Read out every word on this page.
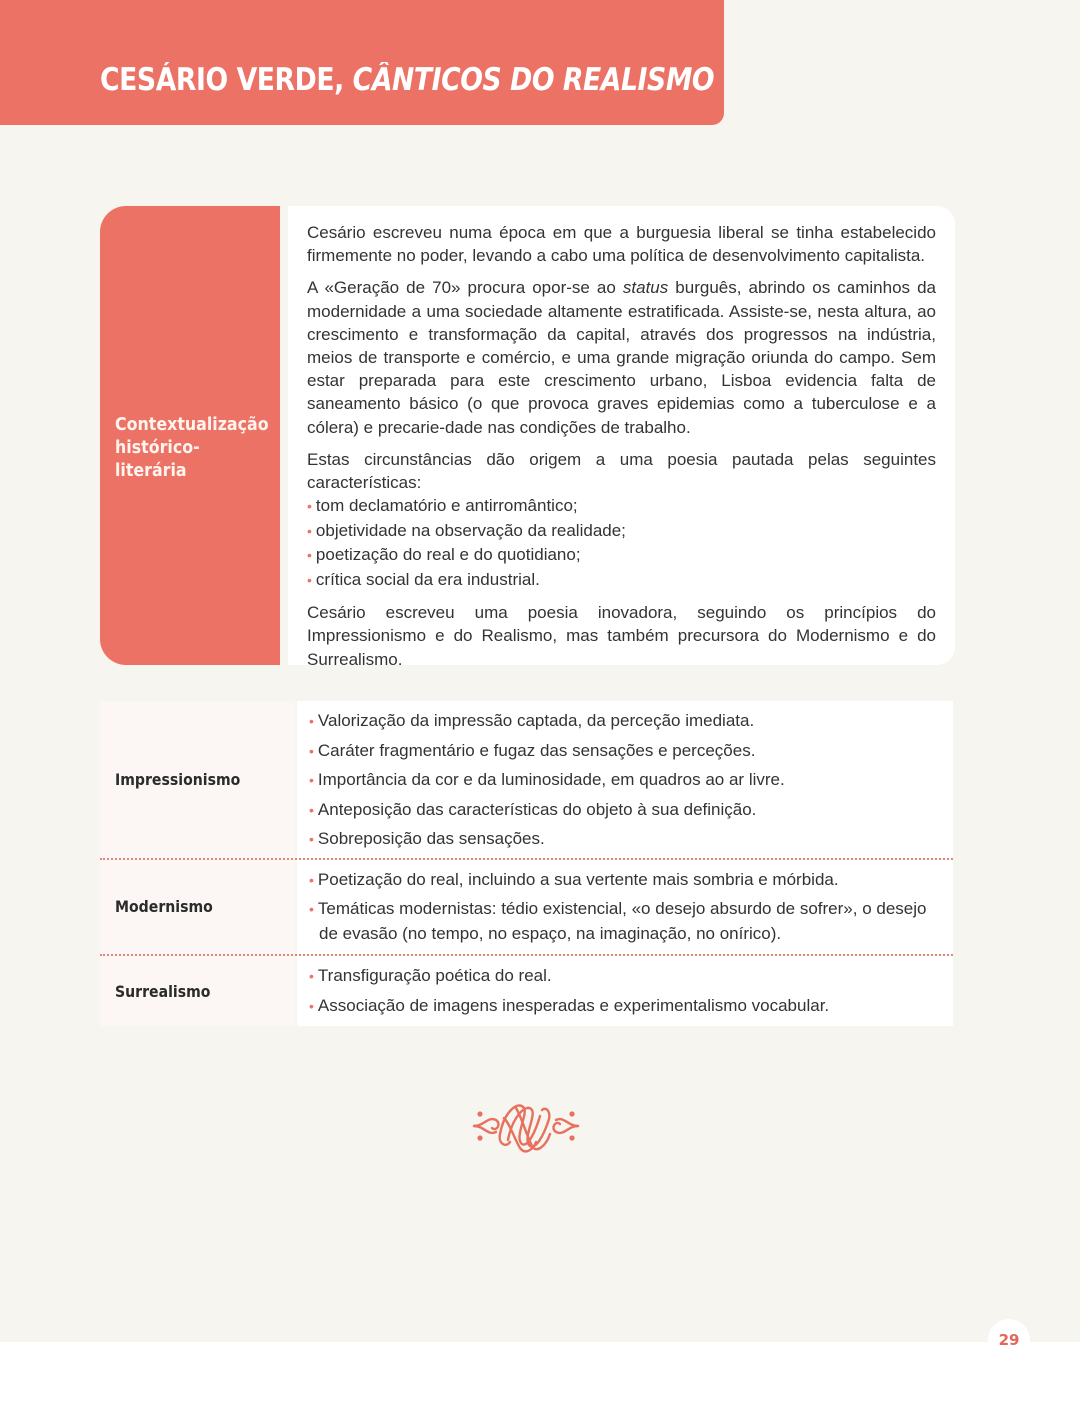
CESÁRIO VERDE, CÂNTICOS DO REALISMO
Contextualização
histórico-literária

Cesário escreveu numa época em que a burguesia liberal se tinha estabelecido firmemente no poder, levando a cabo uma política de desenvolvimento capitalista.

A «Geração de 70» procura opor-se ao status burguês, abrindo os caminhos da modernidade a uma sociedade altamente estratificada. Assiste-se, nesta altura, ao crescimento e transformação da capital, através dos progressos na indústria, meios de transporte e comércio, e uma grande migração oriunda do campo. Sem estar preparada para este crescimento urbano, Lisboa evidencia falta de saneamento básico (o que provoca graves epidemias como a tuberculose e a cólera) e precarie-dade nas condições de trabalho.

Estas circunstâncias dão origem a uma poesia pautada pelas seguintes características:

• tom declamatório e antirromântico;
• objetividade na observação da realidade;
• poetização do real e do quotidiano;
• crítica social da era industrial.

Cesário escreveu uma poesia inovadora, seguindo os princípios do Impressionismo e do Realismo, mas também precursora do Modernismo e do Surrealismo.

Impressionismo
• Valorização da impressão captada, da perceção imediata.
• Caráter fragmentário e fugaz das sensações e perceções.
• Importância da cor e da luminosidade, em quadros ao ar livre.
• Anteposição das características do objeto à sua definição.
• Sobreposição das sensações.
Modernismo
• Poetização do real, incluindo a sua vertente mais sombria e mórbida.
• Temáticas modernistas: tédio existencial, «o desejo absurdo de sofrer», o desejo de evasão (no tempo, no espaço, na imaginação, no onírico).
Surrealismo
• Transfiguração poética do real.
• Associação de imagens inesperadas e experimentalismo vocabular.
29
